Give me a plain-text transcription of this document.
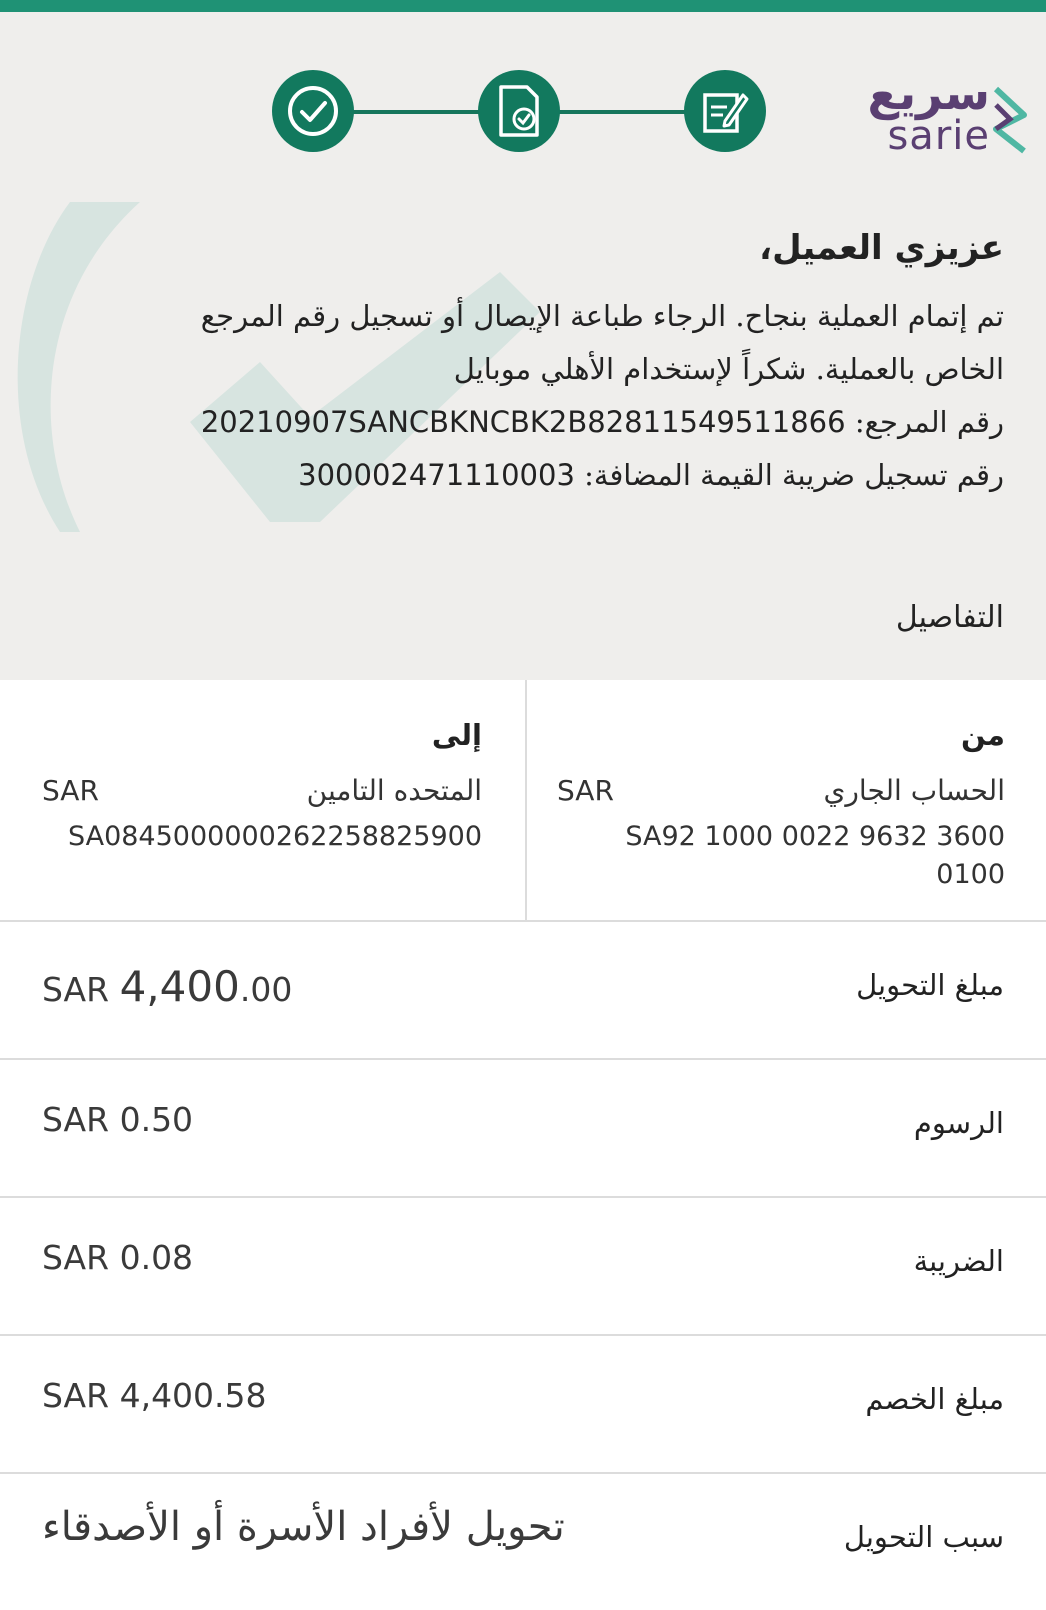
سريع
sarie
عزيزي العميل،
تم إتمام العملية بنجاح. الرجاء طباعة الإيصال أو تسجيل رقم المرجع
الخاص بالعملية. شكراً لإستخدام الأهلي موبايل
رقم المرجع: 20210907SANCBKNCBK2B82811549511866
رقم تسجيل ضريبة القيمة المضافة: 300002471110003
التفاصيل
من
الحساب الجاري
SAR
SA92 1000 0022 9632 3600
0100
إلى
المتحده التامين
SAR
SA0845000000262258825900
مبلغ التحويل
SAR 4,400.00
الرسوم
SAR 0.50
الضريبة
SAR 0.08
مبلغ الخصم
SAR 4,400.58
سبب التحويل
تحويل لأفراد الأسرة أو الأصدقاء
